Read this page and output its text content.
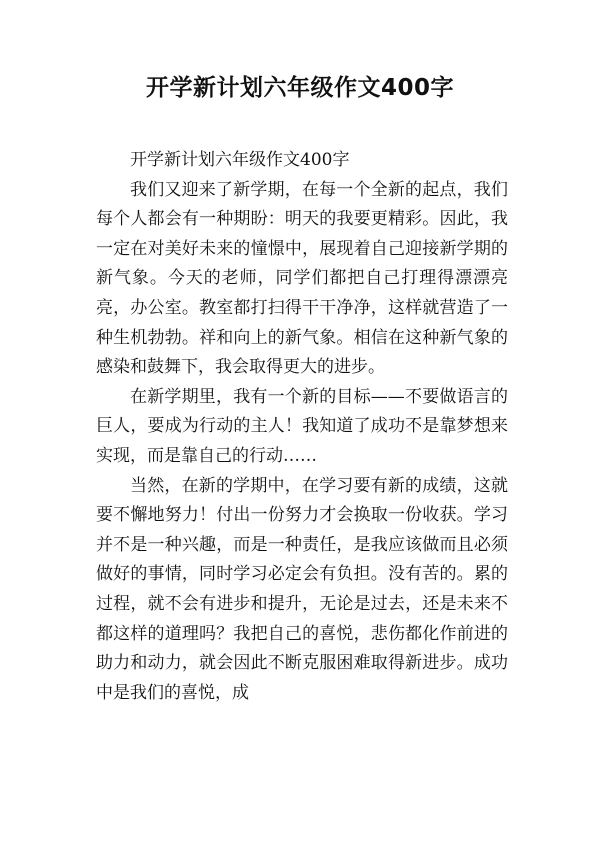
开学新计划六年级作文400字

开学新计划六年级作文400字

我们又迎来了新学期，在每一个全新的起点，我们每个人都会有一种期盼：明天的我要更精彩。因此，我一定在对美好未来的憧憬中，展现着自己迎接新学期的新气象。今天的老师，同学们都把自己打理得漂漂亮亮，办公室。教室都打扫得干干净净，这样就营造了一种生机勃勃。祥和向上的新气象。相信在这种新气象的感染和鼓舞下，我会取得更大的进步。

在新学期里，我有一个新的目标——不要做语言的巨人，要成为行动的主人！我知道了成功不是靠梦想来实现，而是靠自己的行动……

当然，在新的学期中，在学习要有新的成绩，这就要不懈地努力！付出一份努力才会换取一份收获。学习并不是一种兴趣，而是一种责任，是我应该做而且必须做好的事情，同时学习必定会有负担。没有苦的。累的过程，就不会有进步和提升，无论是过去，还是未来不都这样的道理吗？我把自己的喜悦，悲伤都化作前进的助力和动力，就会因此不断克服困难取得新进步。成功中是我们的喜悦，成
